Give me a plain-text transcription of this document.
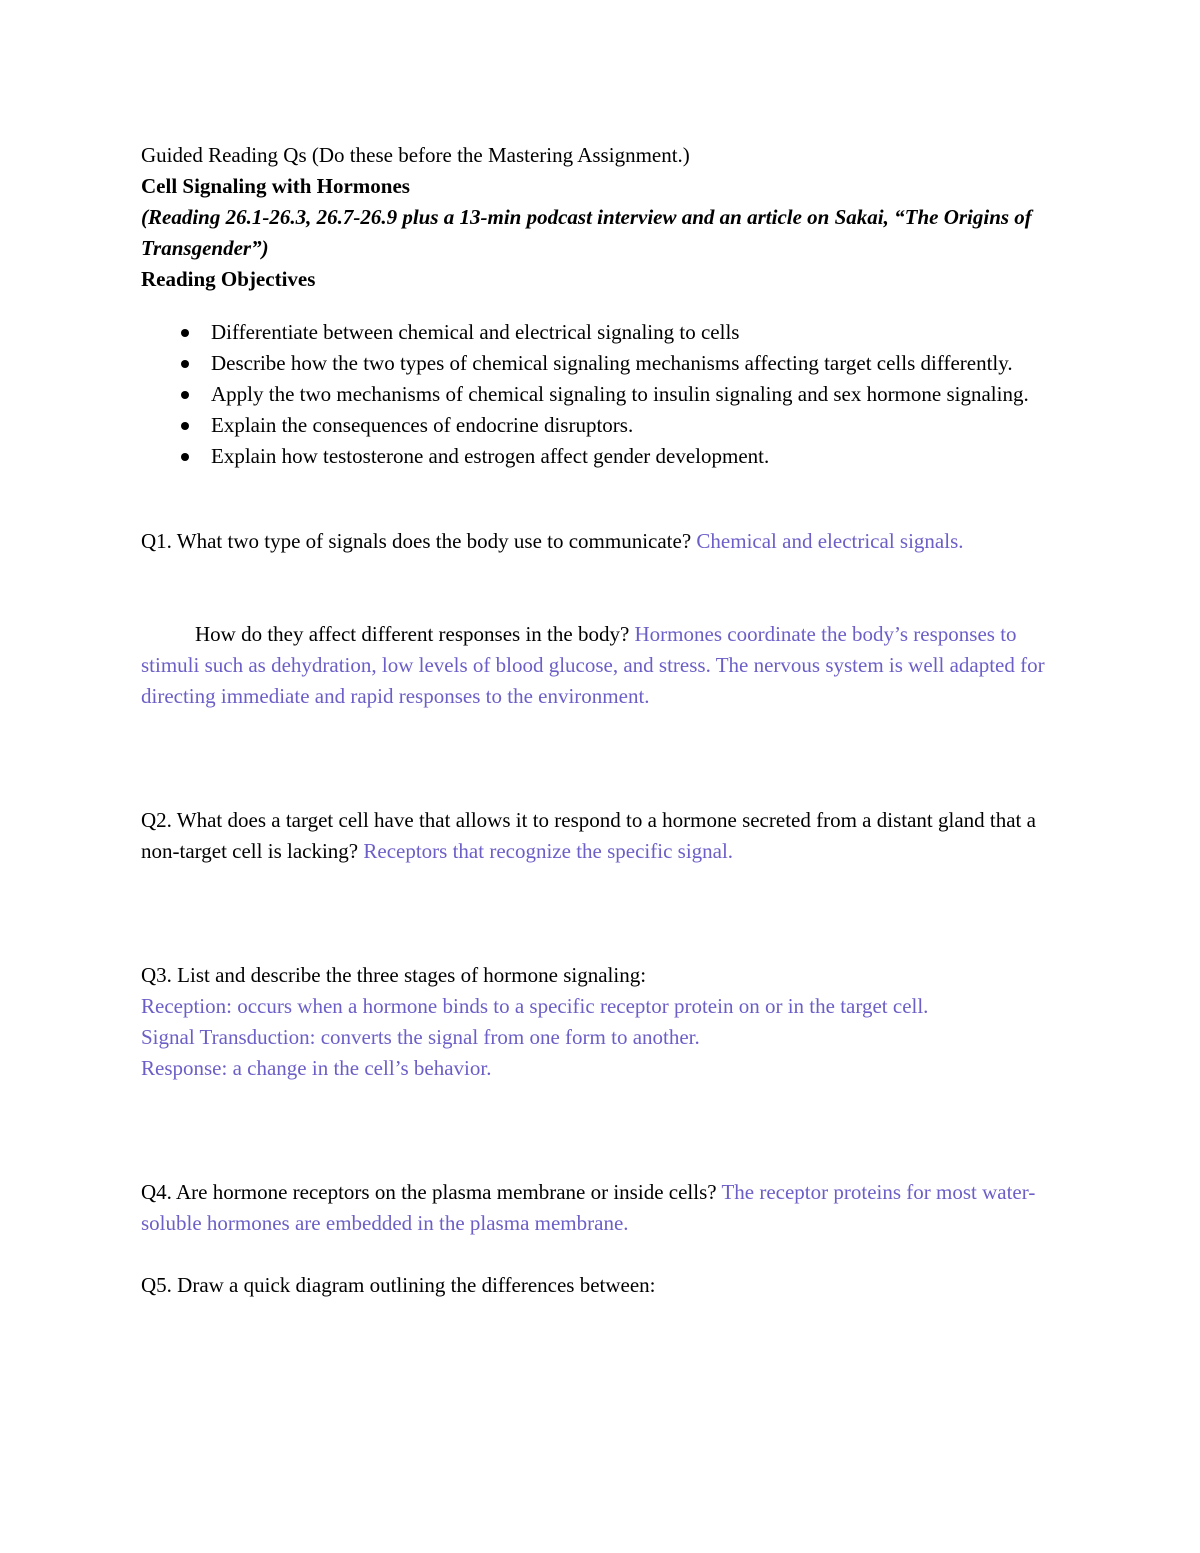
Guided Reading Qs (Do these before the Mastering Assignment.)

Cell Signaling with Hormones

(Reading 26.1-26.3, 26.7-26.9 plus a 13-min podcast interview and an article on Sakai, “The Origins of Transgender”)

Reading Objectives

Differentiate between chemical and electrical signaling to cells
Describe how the two types of chemical signaling mechanisms affecting target cells differently.
Apply the two mechanisms of chemical signaling to insulin signaling and sex hormone signaling.
Explain the consequences of endocrine disruptors.
Explain how testosterone and estrogen affect gender development.

Q1. What two type of signals does the body use to communicate? Chemical and electrical signals.

How do they affect different responses in the body? Hormones coordinate the body’s responses to stimuli such as dehydration, low levels of blood glucose, and stress. The nervous system is well adapted for directing immediate and rapid responses to the environment.

Q2. What does a target cell have that allows it to respond to a hormone secreted from a distant gland that a non-target cell is lacking? Receptors that recognize the specific signal.

Q3. List and describe the three stages of hormone signaling:

Reception: occurs when a hormone binds to a specific receptor protein on or in the target cell.

Signal Transduction: converts the signal from one form to another.

Response: a change in the cell’s behavior.

Q4. Are hormone receptors on the plasma membrane or inside cells? The receptor proteins for most water-soluble hormones are embedded in the plasma membrane.

Q5. Draw a quick diagram outlining the differences between:
